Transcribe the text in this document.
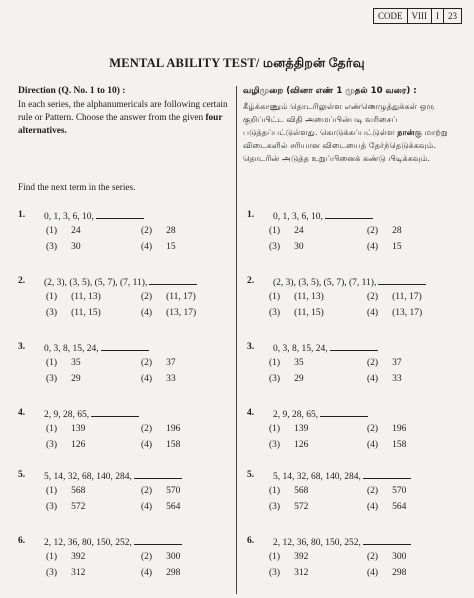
CODE	VIII	I	23
MENTAL ABILITY TEST/ மனத்திறன் தேர்வு
Direction (Q. No. 1 to 10) :
In each series, the alphanumericals are following certain rule or Pattern. Choose the answer from the given four alternatives.
Find the next term in the series.
வழிமுறை (வினா எண் 1 முதல் 10 வரை) :
கீழ்க்காணும் தொடரிலுள்ள எண்ணெழுத்துக்கள் ஒரு குறிப்பிட்ட விதி அமைப்பின்படி வரிசைப் படுத்தப்பட்டுள்ளது. கொடுக்கப்பட்டுள்ள நான்கு மாற்று விடைகளில் சரியான விடையைத் தேர்ந்தெடுக்கவும்.
தொடரின் அடுத்த உறுப்பினைக் கண்டு பிடிக்கவும்.
1.	0, 1, 3, 6, 10,
(1) 24	(2) 28
(3) 30	(4) 15
1.	0, 1, 3, 6, 10,
(1) 24	(2) 28
(3) 30	(4) 15
2.	(2, 3), (3, 5), (5, 7), (7, 11),
(1) (11, 13)	(2) (11, 17)
(3) (11, 15)	(4) (13, 17)
2.	(2, 3), (3, 5), (5, 7), (7, 11),
(1) (11, 13)	(2) (11, 17)
(3) (11, 15)	(4) (13, 17)
3.	0, 3, 8, 15, 24,
(1) 35	(2) 37
(3) 29	(4) 33
3.	0, 3, 8, 15, 24,
(1) 35	(2) 37
(3) 29	(4) 33
4.	2, 9, 28, 65,
(1) 139	(2) 196
(3) 126	(4) 158
4.	2, 9, 28, 65,
(1) 139	(2) 196
(3) 126	(4) 158
5.	5, 14, 32, 68, 140, 284,
(1) 568	(2) 570
(3) 572	(4) 564
5.	5, 14, 32, 68, 140, 284,
(1) 568	(2) 570
(3) 572	(4) 564
6.	2, 12, 36, 80, 150, 252,
(1) 392	(2) 300
(3) 312	(4) 298
6.	2, 12, 36, 80, 150, 252,
(1) 392	(2) 300
(3) 312	(4) 298
